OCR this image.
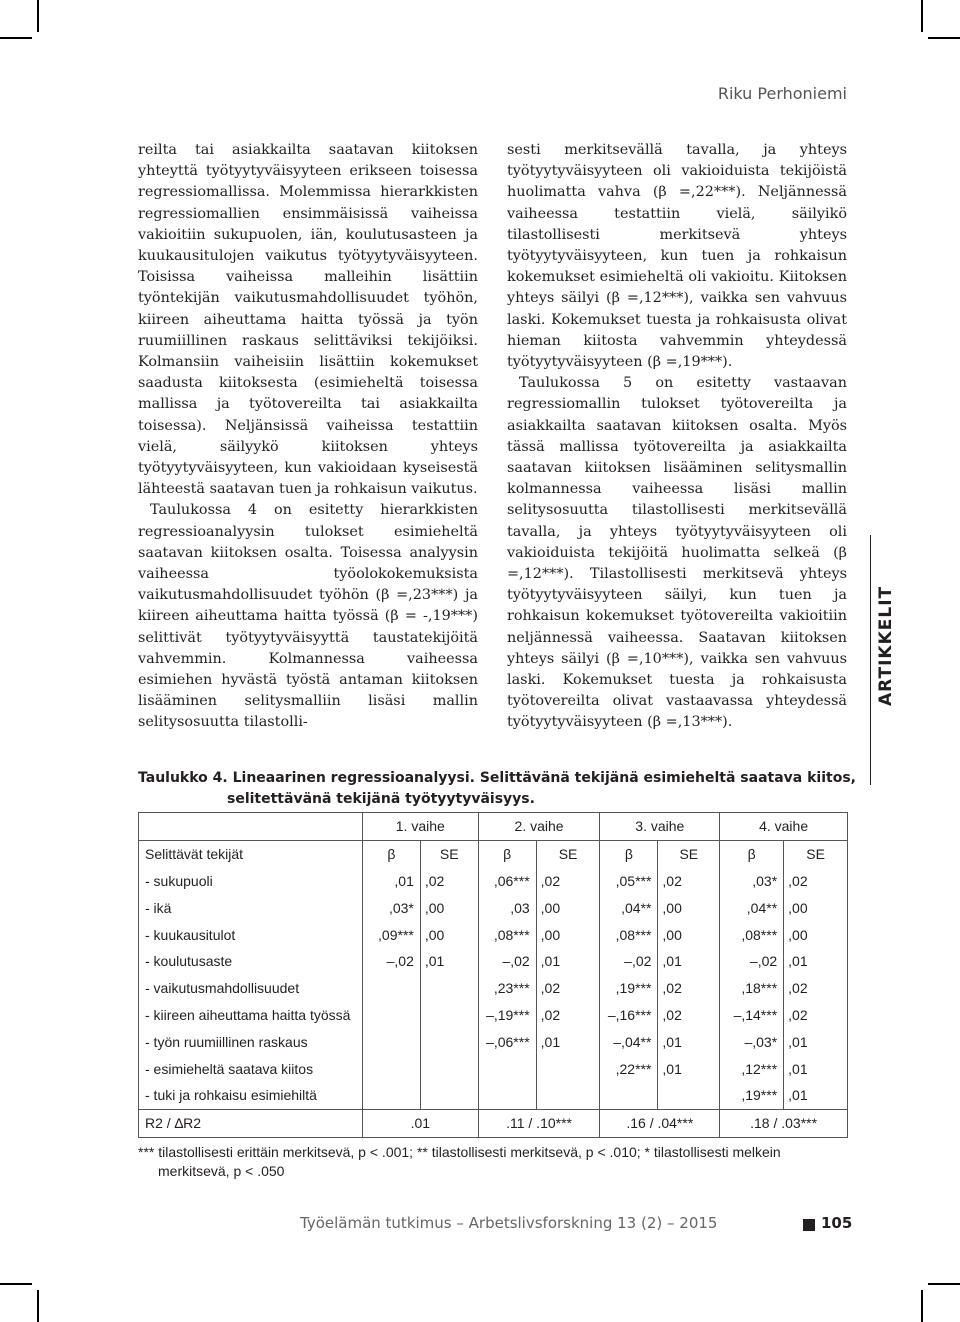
Riku Perhoniemi

reilta tai asiakkailta saatavan kiitoksen yhteyttä työtyytyväisyyteen erikseen toisessa regressiomallissa. Molemmissa hierarkkisten regressiomallien ensimmäisissä vaiheissa vakioitiin sukupuolen, iän, koulutusasteen ja kuukausitulojen vaikutus työtyytyväisyyteen. Toisissa vaiheissa malleihin lisättiin työntekijän vaikutusmahdollisuudet työhön, kiireen aiheuttama haitta työssä ja työn ruumiillinen raskaus selittäviksi tekijöiksi. Kolmansiin vaiheisiin lisättiin kokemukset saadusta kiitoksesta (esimieheltä toisessa mallissa ja työtovereilta tai asiakkailta toisessa). Neljänsissä vaiheissa testattiin vielä, säilyykö kiitoksen yhteys työtyytyväisyyteen, kun vakioidaan kyseisestä lähteestä saatavan tuen ja rohkaisun vaikutus.

Taulukossa 4 on esitetty hierarkkisten regressioanalyysin tulokset esimieheltä saatavan kiitoksen osalta. Toisessa analyysin vaiheessa työolokokemuksista vaikutusmahdollisuudet työhön (β =,23***) ja kiireen aiheuttama haitta työssä (β = -,19***) selittivät työtyytyväisyyttä taustatekijöitä vahvemmin. Kolmannessa vaiheessa esimiehen hyvästä työstä antaman kiitoksen lisääminen selitysmalliin lisäsi mallin selitysosuutta tilastolli-

sesti merkitsevällä tavalla, ja yhteys työtyytyväisyyteen oli vakioiduista tekijöistä huolimatta vahva (β =,22***). Neljännessä vaiheessa testattiin vielä, säilyikö tilastollisesti merkitsevä yhteys työtyytyväisyyteen, kun tuen ja rohkaisun kokemukset esimieheltä oli vakioitu. Kiitoksen yhteys säilyi (β =,12***), vaikka sen vahvuus laski. Kokemukset tuesta ja rohkaisusta olivat hieman kiitosta vahvemmin yhteydessä työtyytyväisyyteen (β =,19***).

Taulukossa 5 on esitetty vastaavan regressiomallin tulokset työtovereilta ja asiakkailta saatavan kiitoksen osalta. Myös tässä mallissa työtovereilta ja asiakkailta saatavan kiitoksen lisääminen selitysmallin kolmannessa vaiheessa lisäsi mallin selitysosuutta tilastollisesti merkitsevällä tavalla, ja yhteys työtyytyväisyyteen oli vakioiduista tekijöitä huolimatta selkeä (β =,12***). Tilastollisesti merkitsevä yhteys työtyytyväisyyteen säilyi, kun tuen ja rohkaisun kokemukset työtovereilta vakioitiin neljännessä vaiheessa. Saatavan kiitoksen yhteys säilyi (β =,10***), vaikka sen vahvuus laski. Kokemukset tuesta ja rohkaisusta työtovereilta olivat vastaavassa yhteydessä työtyytyväisyyteen (β =,13***).

ARTIKKELIT
Taulukko 4. Lineaarinen regressioanalyysi. Selittävänä tekijänä esimieheltä saatava kiitos,
selitettävänä tekijänä työtyytyväisyys.
	1. vaihe		2. vaihe		3. vaihe		4. vaihe	
Selittävät tekijät	β	SE	β	SE	β	SE	β	SE
- sukupuoli	,01	,02	,06***	,02	,05***	,02	,03*	,02
- ikä	,03*	,00	,03	,00	,04**	,00	,04**	,00
- kuukausitulot	,09***	,00	,08***	,00	,08***	,00	,08***	,00
- koulutusaste	–,02	,01	–,02	,01	–,02	,01	–,02	,01
- vaikutusmahdollisuudet			,23***	,02	,19***	,02	,18***	,02
- kiireen aiheuttama haitta työssä			–,19***	,02	–,16***	,02	–,14***	,02
- työn ruumiillinen raskaus			–,06***	,01	–,04**	,01	–,03*	,01
- esimieheltä saatava kiitos					,22***	,01	,12***	,01
- tuki ja rohkaisu esimiehiltä							,19***	,01
R2 / ∆R2	.01		.11 / .10***		.16 / .04***		.18 / .03***	
*** tilastollisesti erittäin merkitsevä, p < .001; ** tilastollisesti merkitsevä, p < .010; * tilastollisesti melkein
merkitsevä, p < .050
Työelämän tutkimus – Arbetslivsforskning 13 (2) – 2015	105
